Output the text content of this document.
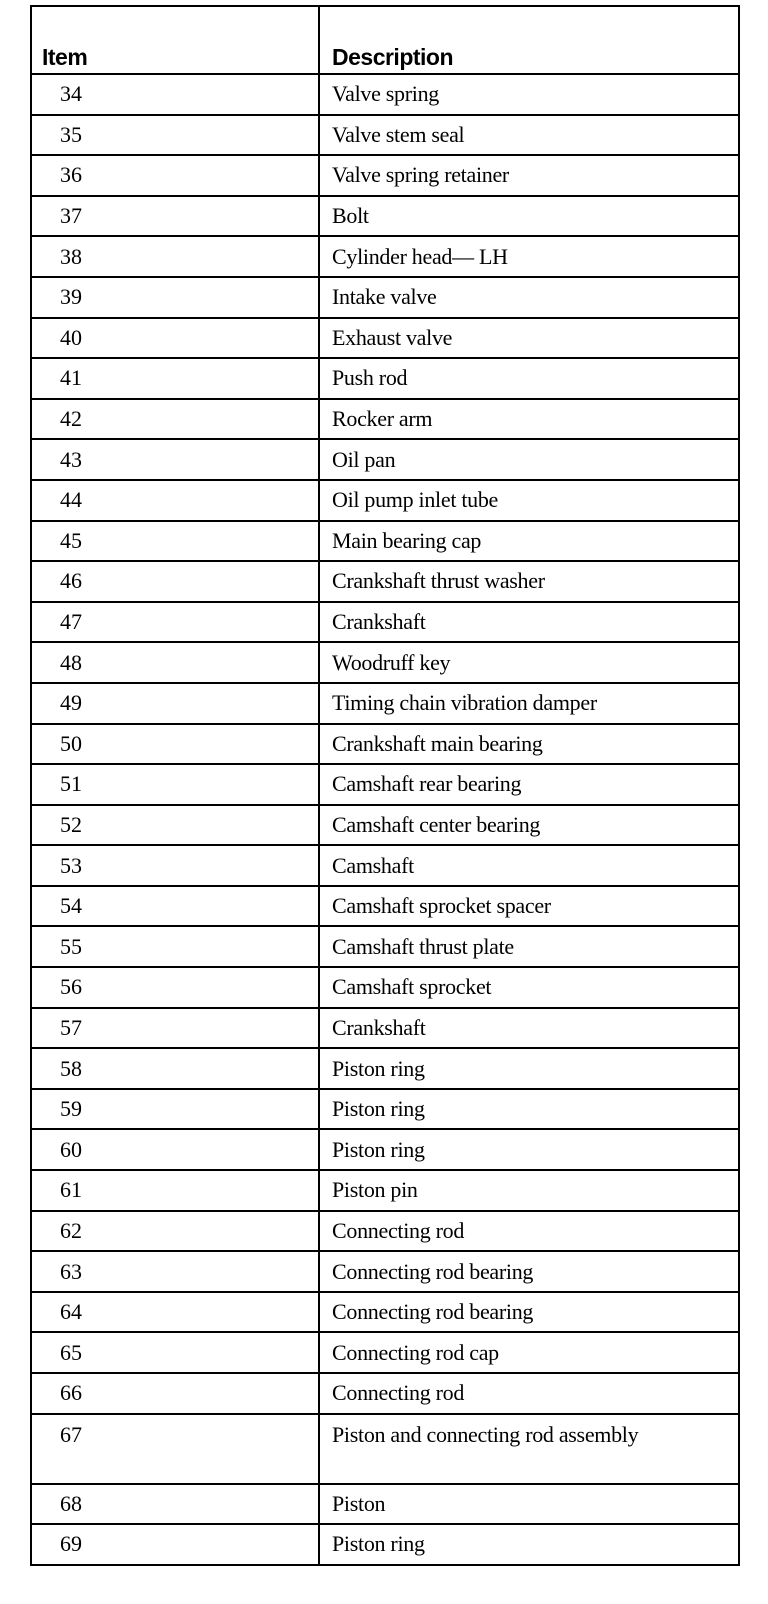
Item	Description
34	Valve spring
35	Valve stem seal
36	Valve spring retainer
37	Bolt
38	Cylinder head— LH
39	Intake valve
40	Exhaust valve
41	Push rod
42	Rocker arm
43	Oil pan
44	Oil pump inlet tube
45	Main bearing cap
46	Crankshaft thrust washer
47	Crankshaft
48	Woodruff key
49	Timing chain vibration damper
50	Crankshaft main bearing
51	Camshaft rear bearing
52	Camshaft center bearing
53	Camshaft
54	Camshaft sprocket spacer
55	Camshaft thrust plate
56	Camshaft sprocket
57	Crankshaft
58	Piston ring
59	Piston ring
60	Piston ring
61	Piston pin
62	Connecting rod
63	Connecting rod bearing
64	Connecting rod bearing
65	Connecting rod cap
66	Connecting rod
67	Piston and connecting rod assembly
68	Piston
69	Piston ring
